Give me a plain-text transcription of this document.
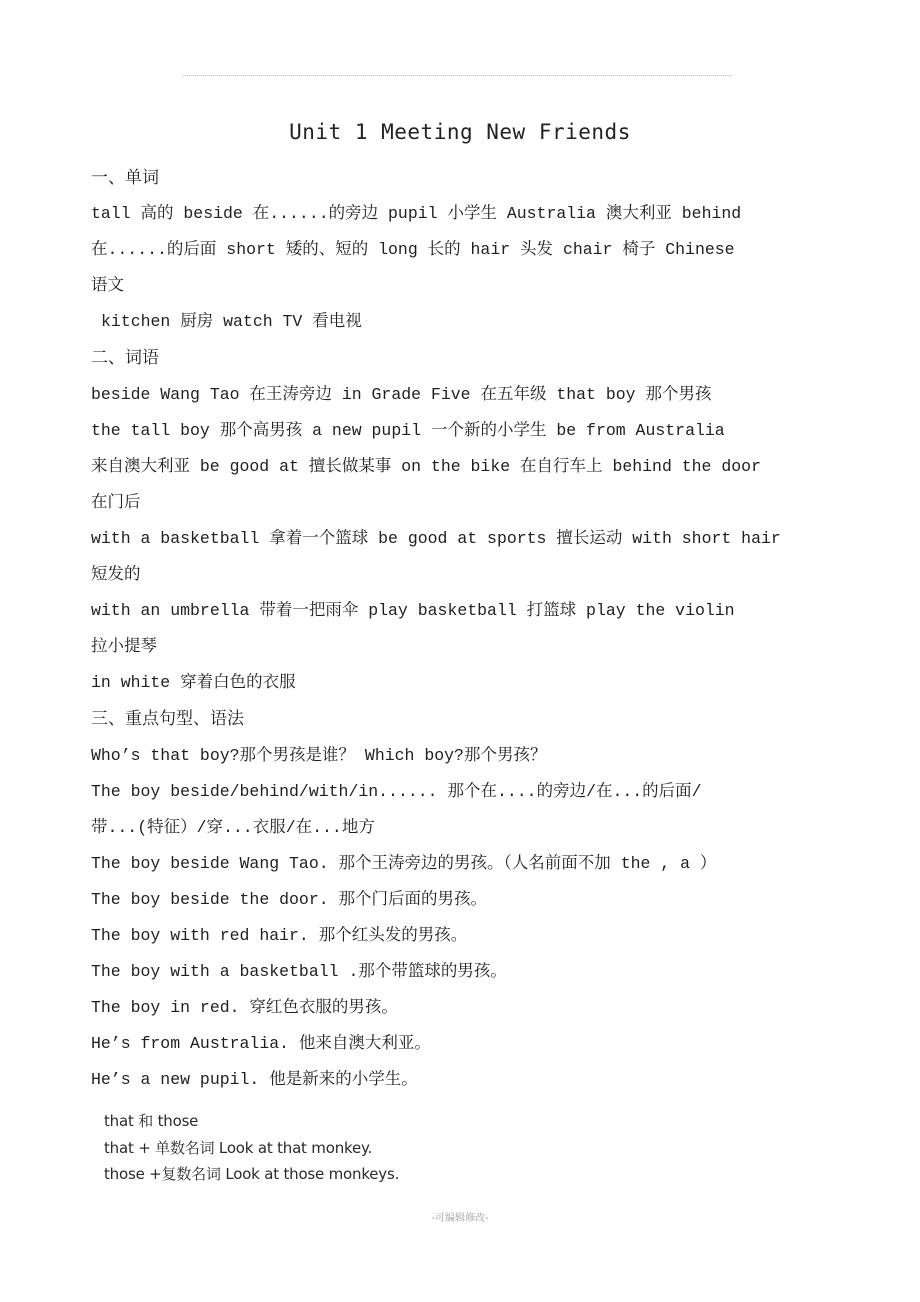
Unit 1 Meeting New Friends
一、单词
tall 高的 beside 在......的旁边 pupil 小学生 Australia 澳大利亚 behind
在......的后面 short 矮的、短的 long 长的 hair 头发 chair 椅子 Chinese
语文
kitchen 厨房 watch TV 看电视
二、词语
beside Wang Tao 在王涛旁边 in Grade Five 在五年级 that boy 那个男孩
the tall boy 那个高男孩 a new pupil 一个新的小学生 be from Australia
来自澳大利亚 be good at 擅长做某事 on the bike 在自行车上 behind the door
在门后
with a basketball 拿着一个篮球 be good at sports 擅长运动 with short hair
短发的
with an umbrella 带着一把雨伞 play basketball 打篮球 play the violin
拉小提琴
in white 穿着白色的衣服
三、重点句型、语法
Who’s that boy?那个男孩是谁？ Which boy?那个男孩？
The boy beside/behind/with/in...... 那个在....的旁边/在...的后面/
带...(特征）/穿...衣服/在...地方
The boy beside Wang Tao. 那个王涛旁边的男孩。（人名前面不加 the , a ）
The boy beside the door. 那个门后面的男孩。
The boy with red hair. 那个红头发的男孩。
The boy with a basketball .那个带篮球的男孩。
The boy in red. 穿红色衣服的男孩。
He’s from Australia. 他来自澳大利亚。
He’s a new pupil. 他是新来的小学生。
that 和 those
that + 单数名词 Look at that monkey.
those +复数名词 Look at those monkeys.
-可编辑修改-
